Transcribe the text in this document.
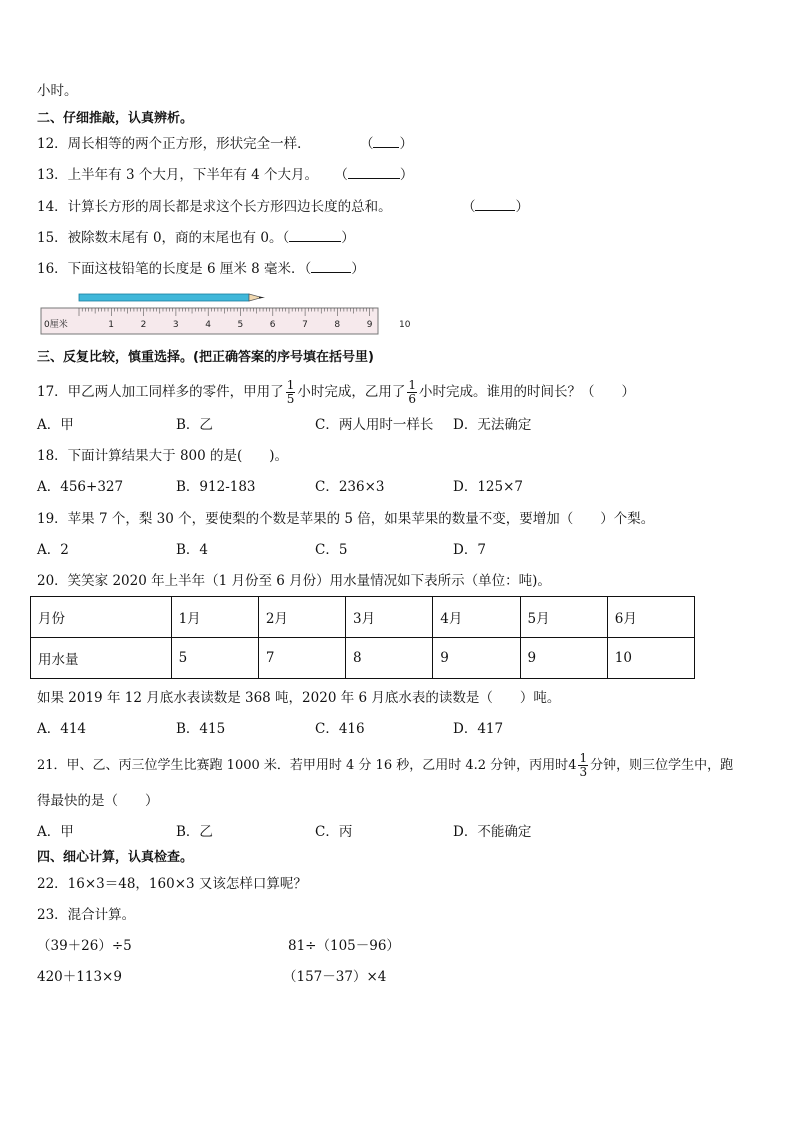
小时。
二、仔细推敲，认真辨析。
12．周长相等的两个正方形，形状完全一样．	（ ）
13．上半年有 3 个大月，下半年有 4 个大月。 （	）
14．计算长方形的周长都是求这个长方形四边长度的总和。	（	）
15．被除数末尾有 0，商的末尾也有 0。（	）
16．下面这枝铅笔的长度是 6 厘米 8 毫米．（	）
1	2	3	4	5	6	7	8	9	10
0厘米
三、反复比较，慎重选择。(把正确答案的序号填在括号里)
17．甲乙两人加工同样多的零件，甲用了 $\frac{1}{5}$ 小时完成，乙用了 $\frac{1}{6}$ 小时完成。谁用的时间长？（　　）
A．甲	B．乙	C．两人用时一样长 D．无法确定
18．下面计算结果大于 800 的是(　　)。
A．456+327	B．912-183	C．236×3	D．125×7
19．苹果 7 个，梨 30 个，要使梨的个数是苹果的 5 倍，如果苹果的数量不变，要增加（　　）个梨。
A．2	B．4	C．5	D．7
20．笑笑家 2020 年上半年（1 月份至 6 月份）用水量情况如下表所示（单位：吨)。
月份	1月	2月	3月	4月	5月	6月
用水量	5	7	8	9	9	10
如果 2019 年 12 月底水表读数是 368 吨，2020 年 6 月底水表的读数是（　　）吨。
A．414	B．415	C．416	D．417
21．甲、乙、丙三位学生比赛跑 1000 米．若甲用时 4 分 16 秒，乙用时 4.2 分钟，丙用时 $4 \frac{1}{3}$ 分钟，则三位学生中，跑
得最快的是（　　）
A．甲	B．乙	C．丙	D．不能确定
四、细心计算，认真检查。
22．16×3＝48，160×3 又该怎样口算呢？
23．混合计算。
（39＋26）÷5	81÷（105－96）
420＋113×9	（157－37）×4
